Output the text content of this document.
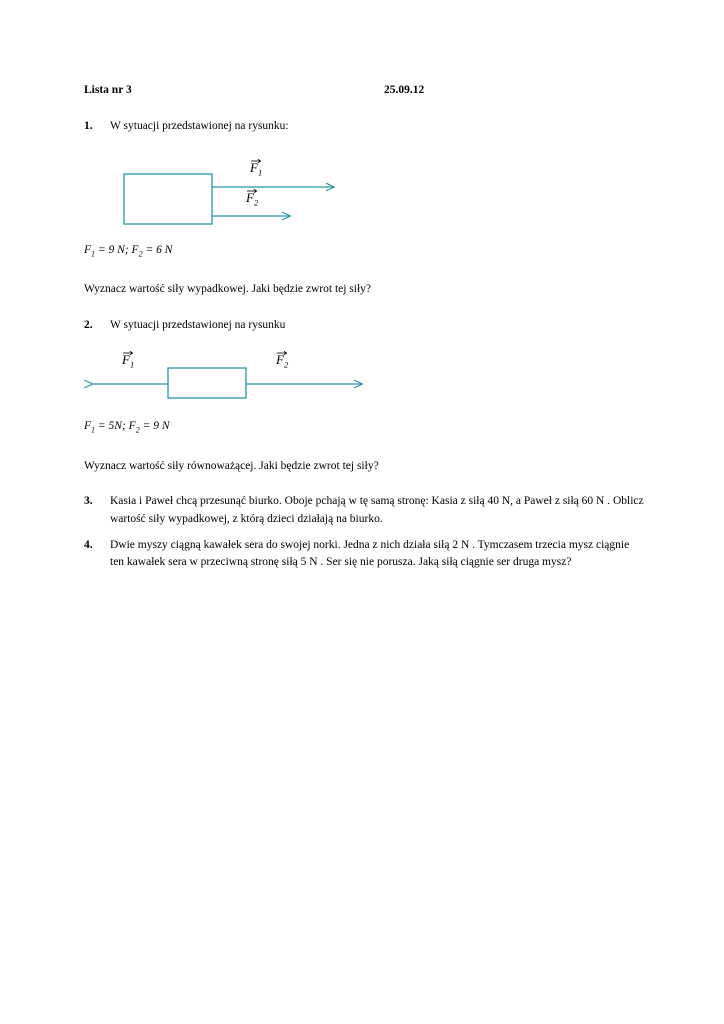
Lista nr 3	25.09.12
1.	W sytuacji przedstawionej na rysunku:
$F_1$
$F_2$
$F_1 = 9$ N; $F_2 = 6$ N
Wyznacz wartość siły wypadkowej. Jaki będzie zwrot tej siły?
2.	W sytuacji przedstawionej na rysunku
$F_1$	$F_2$
$F_1 = 5N$; $F_2 = 9$ N
Wyznacz wartość siły równoważącej. Jaki będzie zwrot tej siły?
3.	Kasia i Paweł chcą przesunąć biurko. Oboje pchają w tę samą stronę: Kasia z siłą 40 N, a Paweł z siłą 60 N . Oblicz wartość siły wypadkowej, z którą dzieci działają na biurko.
4.	Dwie myszy ciągną kawałek sera do swojej norki. Jedna z nich działa siłą 2 N . Tymczasem trzecia mysz ciągnie ten kawałek sera w przeciwną stronę siłą 5 N . Ser się nie porusza. Jaką siłą ciągnie ser druga mysz?
